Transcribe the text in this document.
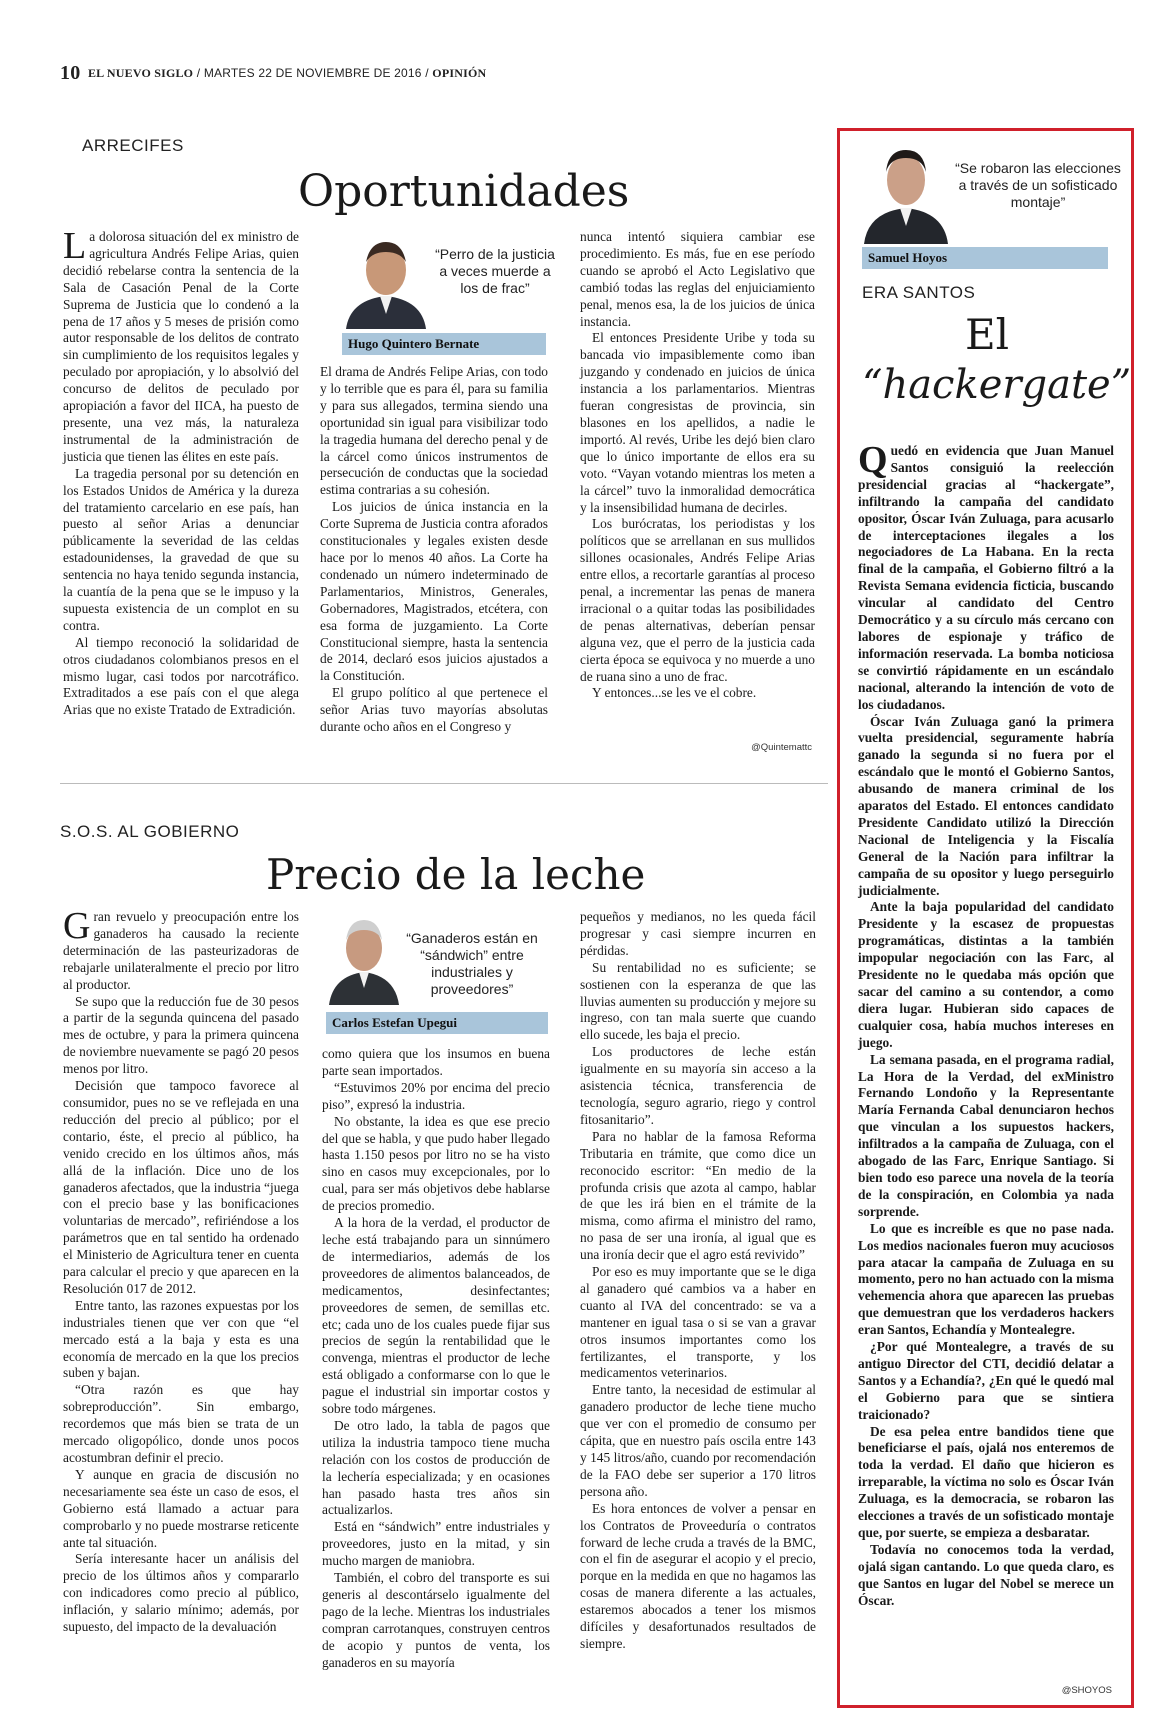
10 EL NUEVO SIGLO / MARTES 22 DE NOVIEMBRE DE 2016 / OPINIÓN
ARRECIFES
Oportunidades

La dolorosa situación del ex ministro de agricultura Andrés Felipe Arias, quien decidió rebelarse contra la sentencia de la Sala de Casación Penal de la Corte Suprema de Justicia que lo condenó a la pena de 17 años y 5 meses de prisión como autor responsable de los delitos de contrato sin cumplimiento de los requisitos legales y peculado por apropiación, y lo absolvió del concurso de delitos de peculado por apropiación a favor del IICA, ha puesto de presente, una vez más, la naturaleza instrumental de la administración de justicia que tienen las élites en este país.

La tragedia personal por su detención en los Estados Unidos de América y la dureza del tratamiento carcelario en ese país, han puesto al señor Arias a denunciar públicamente la severidad de las celdas estadounidenses, la gravedad de que su sentencia no haya tenido segunda instancia, la cuantía de la pena que se le impuso y la supuesta existencia de un complot en su contra.

Al tiempo reconoció la solidaridad de otros ciudadanos colombianos presos en el mismo lugar, casi todos por narcotráfico. Extraditados a ese país con el que alega Arias que no existe Tratado de Extradición.

“Perro de la justicia a veces muerde a los de frac”
Hugo Quintero Bernate

El drama de Andrés Felipe Arias, con todo y lo terrible que es para él, para su familia y para sus allegados, termina siendo una oportunidad sin igual para visibilizar todo la tragedia humana del derecho penal y de la cárcel como únicos instrumentos de persecución de conductas que la sociedad estima contrarias a su cohesión.

Los juicios de única instancia en la Corte Suprema de Justicia contra aforados constitucionales y legales existen desde hace por lo menos 40 años. La Corte ha condenado un número indeterminado de Parlamentarios, Ministros, Generales, Gobernadores, Magistrados, etcétera, con esa forma de juzgamiento. La Corte Constitucional siempre, hasta la sentencia de 2014, declaró esos juicios ajustados a la Constitución.

El grupo político al que pertenece el señor Arias tuvo mayorías absolutas durante ocho años en el Congreso y

nunca intentó siquiera cambiar ese procedimiento. Es más, fue en ese período cuando se aprobó el Acto Legislativo que cambió todas las reglas del enjuiciamiento penal, menos esa, la de los juicios de única instancia.

El entonces Presidente Uribe y toda su bancada vio impasiblemente como iban juzgando y condenado en juicios de única instancia a los parlamentarios. Mientras fueran congresistas de provincia, sin blasones en los apellidos, a nadie le importó. Al revés, Uribe les dejó bien claro que lo único importante de ellos era su voto. “Vayan votando mientras los meten a la cárcel” tuvo la inmoralidad democrática y la insensibilidad humana de decirles.

Los burócratas, los periodistas y los políticos que se arrellanan en sus mullidos sillones ocasionales, Andrés Felipe Arias entre ellos, a recortarle garantías al proceso penal, a incrementar las penas de manera irracional o a quitar todas las posibilidades de penas alternativas, deberían pensar alguna vez, que el perro de la justicia cada cierta época se equivoca y no muerde a uno de ruana sino a uno de frac.

Y entonces...se les ve el cobre.

@Quintemattc
S.O.S. AL GOBIERNO
Precio de la leche

Gran revuelo y preocupación entre los ganaderos ha causado la reciente determinación de las pasteurizadoras de rebajarle unilateralmente el precio por litro al productor.

Se supo que la reducción fue de 30 pesos a partir de la segunda quincena del pasado mes de octubre, y para la primera quincena de noviembre nuevamente se pagó 20 pesos menos por litro.

Decisión que tampoco favorece al consumidor, pues no se ve reflejada en una reducción del precio al público; por el contario, éste, el precio al público, ha venido crecido en los últimos años, más allá de la inflación. Dice uno de los ganaderos afectados, que la industria “juega con el precio base y las bonificaciones voluntarias de mercado”, refiriéndose a los parámetros que en tal sentido ha ordenado el Ministerio de Agricultura tener en cuenta para calcular el precio y que aparecen en la Resolución 017 de 2012.

Entre tanto, las razones expuestas por los industriales tienen que ver con que “el mercado está a la baja y esta es una economía de mercado en la que los precios suben y bajan.

“Otra razón es que hay sobreproducción”. Sin embargo, recordemos que más bien se trata de un mercado oligopólico, donde unos pocos acostumbran definir el precio.

Y aunque en gracia de discusión no necesariamente sea éste un caso de esos, el Gobierno está llamado a actuar para comprobarlo y no puede mostrarse reticente ante tal situación.

Sería interesante hacer un análisis del precio de los últimos años y compararlo con indicadores como precio al público, inflación, y salario mínimo; además, por supuesto, del impacto de la devaluación

“Ganaderos están en “sándwich” entre industriales y proveedores”
Carlos Estefan Upegui

como quiera que los insumos en buena parte sean importados.

“Estuvimos 20% por encima del precio piso”, expresó la industria.

No obstante, la idea es que ese precio del que se habla, y que pudo haber llegado hasta 1.150 pesos por litro no se ha visto sino en casos muy excepcionales, por lo cual, para ser más objetivos debe hablarse de precios promedio.

A la hora de la verdad, el productor de leche está trabajando para un sinnúmero de intermediarios, además de los proveedores de alimentos balanceados, de medicamentos, desinfectantes; proveedores de semen, de semillas etc. etc; cada uno de los cuales puede fijar sus precios de según la rentabilidad que le convenga, mientras el productor de leche está obligado a conformarse con lo que le pague el industrial sin importar costos y sobre todo márgenes.

De otro lado, la tabla de pagos que utiliza la industria tampoco tiene mucha relación con los costos de producción de la lechería especializada; y en ocasiones han pasado hasta tres años sin actualizarlos.

Está en “sándwich” entre industriales y proveedores, justo en la mitad, y sin mucho margen de maniobra.

También, el cobro del transporte es sui generis al descontárselo igualmente del pago de la leche. Mientras los industriales compran carrotanques, construyen centros de acopio y puntos de venta, los ganaderos en su mayoría

pequeños y medianos, no les queda fácil progresar y casi siempre incurren en pérdidas.

Su rentabilidad no es suficiente; se sostienen con la esperanza de que las lluvias aumenten su producción y mejore su ingreso, con tan mala suerte que cuando ello sucede, les baja el precio.

Los productores de leche están igualmente en su mayoría sin acceso a la asistencia técnica, transferencia de tecnología, seguro agrario, riego y control fitosanitario”.

Para no hablar de la famosa Reforma Tributaria en trámite, que como dice un reconocido escritor: “En medio de la profunda crisis que azota al campo, hablar de que les irá bien en el trámite de la misma, como afirma el ministro del ramo, no pasa de ser una ironía, al igual que es una ironía decir que el agro está revivido”

Por eso es muy importante que se le diga al ganadero qué cambios va a haber en cuanto al IVA del concentrado: se va a mantener en igual tasa o si se van a gravar otros insumos importantes como los fertilizantes, el transporte, y los medicamentos veterinarios.

Entre tanto, la necesidad de estimular al ganadero productor de leche tiene mucho que ver con el promedio de consumo per cápita, que en nuestro país oscila entre 143 y 145 litros/año, cuando por recomendación de la FAO debe ser superior a 170 litros persona año.

Es hora entonces de volver a pensar en los Contratos de Proveeduría o contratos forward de leche cruda a través de la BMC, con el fin de asegurar el acopio y el precio, porque en la medida en que no hagamos las cosas de manera diferente a las actuales, estaremos abocados a tener los mismos difíciles y desafortunados resultados de siempre.

“Se robaron las elecciones a través de un sofisticado montaje”
Samuel Hoyos
ERA SANTOS
El
“hackergate”

Quedó en evidencia que Juan Manuel Santos consiguió la reelección presidencial gracias al “hackergate”, infiltrando la campaña del candidato opositor, Óscar Iván Zuluaga, para acusarlo de interceptaciones ilegales a los negociadores de La Habana. En la recta final de la campaña, el Gobierno filtró a la Revista Semana evidencia ficticia, buscando vincular al candidato del Centro Democrático y a su círculo más cercano con labores de espionaje y tráfico de información reservada. La bomba noticiosa se convirtió rápidamente en un escándalo nacional, alterando la intención de voto de los ciudadanos.

Óscar Iván Zuluaga ganó la primera vuelta presidencial, seguramente habría ganado la segunda si no fuera por el escándalo que le montó el Gobierno Santos, abusando de manera criminal de los aparatos del Estado. El entonces candidato Presidente Candidato utilizó la Dirección Nacional de Inteligencia y la Fiscalía General de la Nación para infiltrar la campaña de su opositor y luego perseguirlo judicialmente.

Ante la baja popularidad del candidato Presidente y la escasez de propuestas programáticas, distintas a la también impopular negociación con las Farc, al Presidente no le quedaba más opción que sacar del camino a su contendor, a como diera lugar. Hubieran sido capaces de cualquier cosa, había muchos intereses en juego.

La semana pasada, en el programa radial, La Hora de la Verdad, del exMinistro Fernando Londoño y la Representante María Fernanda Cabal denunciaron hechos que vinculan a los supuestos hackers, infiltrados a la campaña de Zuluaga, con el abogado de las Farc, Enrique Santiago. Si bien todo eso parece una novela de la teoría de la conspiración, en Colombia ya nada sorprende.

Lo que es increíble es que no pase nada. Los medios nacionales fueron muy acuciosos para atacar la campaña de Zuluaga en su momento, pero no han actuado con la misma vehemencia ahora que aparecen las pruebas que demuestran que los verdaderos hackers eran Santos, Echandía y Montealegre.

¿Por qué Montealegre, a través de su antiguo Director del CTI, decidió delatar a Santos y a Echandía?, ¿En qué le quedó mal el Gobierno para que se sintiera traicionado?

De esa pelea entre bandidos tiene que beneficiarse el país, ojalá nos enteremos de toda la verdad. El daño que hicieron es irreparable, la víctima no solo es Óscar Iván Zuluaga, es la democracia, se robaron las elecciones a través de un sofisticado montaje que, por suerte, se empieza a desbaratar.

Todavía no conocemos toda la verdad, ojalá sigan cantando. Lo que queda claro, es que Santos en lugar del Nobel se merece un Óscar.

@SHOYOS
